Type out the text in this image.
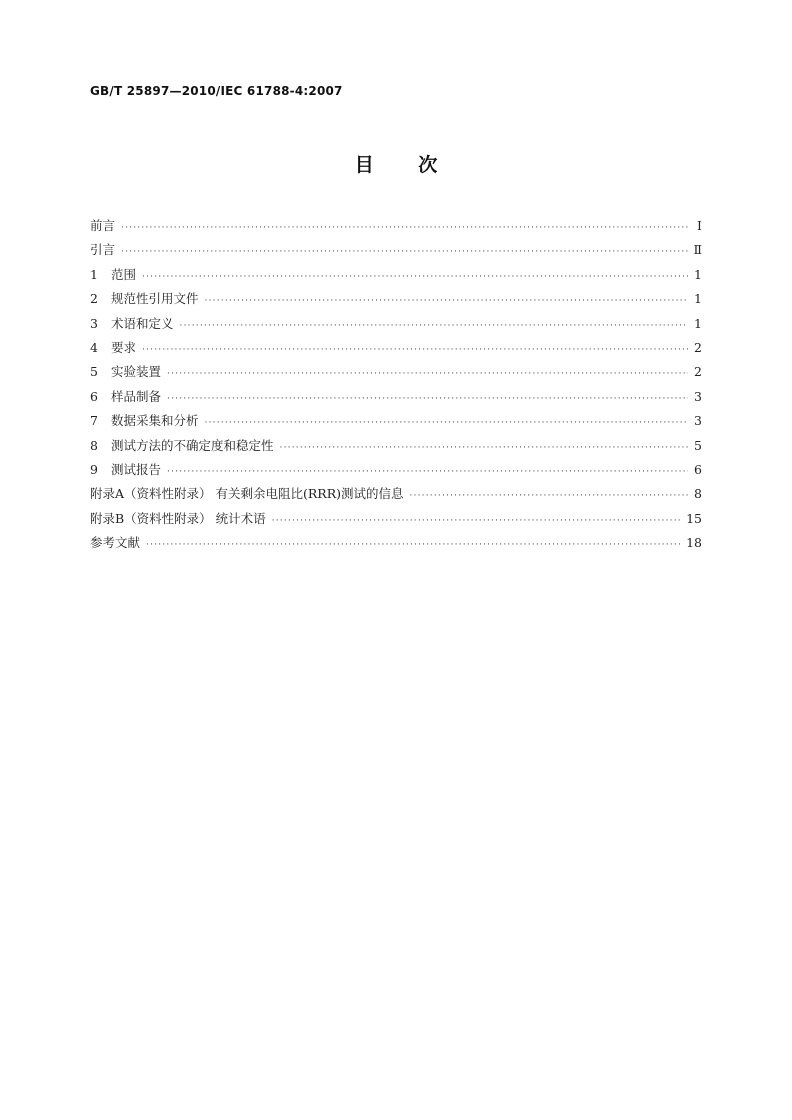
GB/T 25897—2010/IEC 61788-4:2007
目 次
前言 ·····	Ⅰ
引言 ·····	Ⅱ
1	范围 ·····	1
2	规范性引用文件 ·····	1
3	术语和定义 ·····	1
4	要求 ·····	2
5	实验装置 ·····	2
6	样品制备 ·····	3
7	数据采集和分析 ·····	3
8	测试方法的不确定度和稳定性 ·····	5
9	测试报告 ·····	6
附录A（资料性附录） 有关剩余电阻比(RRR)测试的信息 ·····	8
附录B（资料性附录） 统计术语 ·····	15
参考文献 ·····	18
